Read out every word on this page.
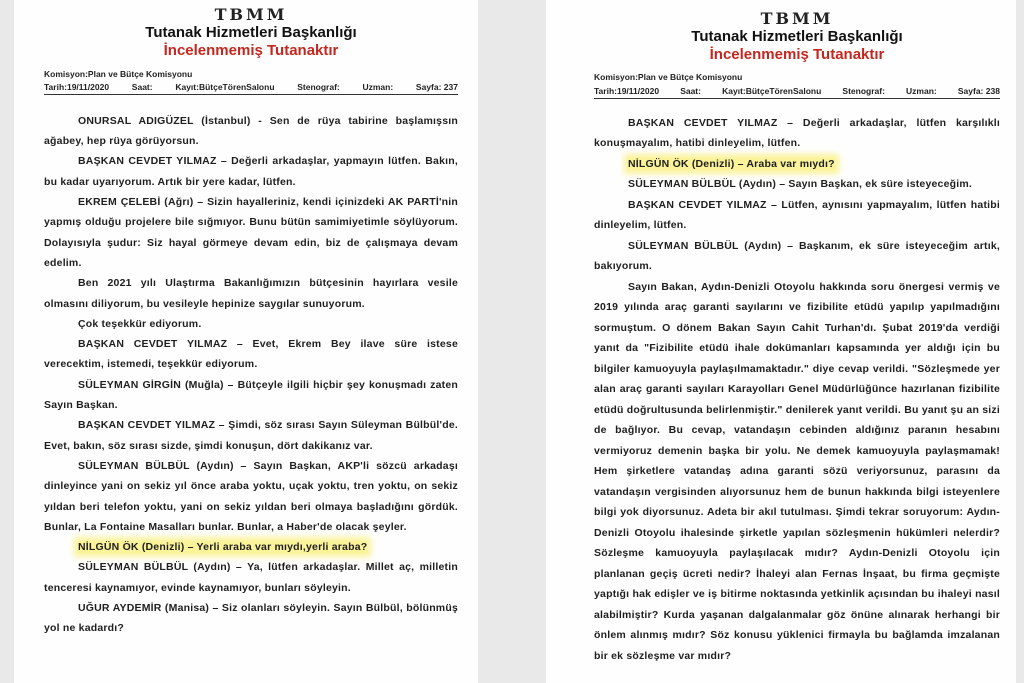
TBMM
Tutanak Hizmetleri Başkanlığı
İncelenmemiş Tutanaktır
Komisyon:Plan ve Bütçe Komisyonu
Tarih:19/11/2020	Saat:	Kayıt:BütçeTörenSalonu	Stenograf:	Uzman:	Sayfa: 237

ONURSAL ADIGÜZEL (İstanbul) - Sen de rüya tabirine başlamışsın ağabey, hep rüya görüyorsun.

BAŞKAN CEVDET YILMAZ – Değerli arkadaşlar, yapmayın lütfen. Bakın, bu kadar uyarıyorum. Artık bir yere kadar, lütfen.

EKREM ÇELEBİ (Ağrı) – Sizin hayalleriniz, kendi içinizdeki AK PARTİ'nin yapmış olduğu projelere bile sığmıyor. Bunu bütün samimiyetimle söylüyorum. Dolayısıyla şudur: Siz hayal görmeye devam edin, biz de çalışmaya devam edelim.

Ben 2021 yılı Ulaştırma Bakanlığımızın bütçesinin hayırlara vesile olmasını diliyorum, bu vesileyle hepinize saygılar sunuyorum.

Çok teşekkür ediyorum.

BAŞKAN CEVDET YILMAZ – Evet, Ekrem Bey ilave süre istese verecektim, istemedi, teşekkür ediyorum.

SÜLEYMAN GİRGİN (Muğla) – Bütçeyle ilgili hiçbir şey konuşmadı zaten Sayın Başkan.

BAŞKAN CEVDET YILMAZ – Şimdi, söz sırası Sayın Süleyman Bülbül'de. Evet, bakın, söz sırası sizde, şimdi konuşun, dört dakikanız var.

SÜLEYMAN BÜLBÜL (Aydın) – Sayın Başkan, AKP'li sözcü arkadaşı dinleyince yani on sekiz yıl önce araba yoktu, uçak yoktu, tren yoktu, on sekiz yıldan beri telefon yoktu, yani on sekiz yıldan beri olmaya başladığını gördük. Bunlar, La Fontaine Masalları bunlar. Bunlar, a Haber'de olacak şeyler.

NİLGÜN ÖK (Denizli) – Yerli araba var mıydı,yerli araba?

SÜLEYMAN BÜLBÜL (Aydın) – Ya, lütfen arkadaşlar. Millet aç, milletin tenceresi kaynamıyor, evinde kaynamıyor, bunları söyleyin.

UĞUR AYDEMİR (Manisa) – Siz olanları söyleyin. Sayın Bülbül, bölünmüş yol ne kadardı?

TBMM
Tutanak Hizmetleri Başkanlığı
İncelenmemiş Tutanaktır
Komisyon:Plan ve Bütçe Komisyonu
Tarih:19/11/2020 Saat: Kayıt:BütçeTörenSalonu Stenograf: Uzman: Sayfa: 238

BAŞKAN CEVDET YILMAZ – Değerli arkadaşlar, lütfen karşılıklı konuşmayalım, hatibi dinleyelim, lütfen.

NİLGÜN ÖK (Denizli) – Araba var mıydı?

SÜLEYMAN BÜLBÜL (Aydın) – Sayın Başkan, ek süre isteyeceğim.

BAŞKAN CEVDET YILMAZ – Lütfen, aynısını yapmayalım, lütfen hatibi dinleyelim, lütfen.

SÜLEYMAN BÜLBÜL (Aydın) – Başkanım, ek süre isteyeceğim artık, bakıyorum.

Sayın Bakan, Aydın-Denizli Otoyolu hakkında soru önergesi vermiş ve 2019 yılında araç garanti sayılarını ve fizibilite etüdü yapılıp yapılmadığını sormuştum. O dönem Bakan Sayın Cahit Turhan'dı. Şubat 2019'da verdiği yanıt da "Fizibilite etüdü ihale dokümanları kapsamında yer aldığı için bu bilgiler kamuoyuyla paylaşılmamaktadır." diye cevap verildi. "Sözleşmede yer alan araç garanti sayıları Karayolları Genel Müdürlüğünce hazırlanan fizibilite etüdü doğrultusunda belirlenmiştir." denilerek yanıt verildi. Bu yanıt şu an sizi de bağlıyor. Bu cevap, vatandaşın cebinden aldığınız paranın hesabını vermiyoruz demenin başka bir yolu. Ne demek kamuoyuyla paylaşmamak! Hem şirketlere vatandaş adına garanti sözü veriyorsunuz, parasını da vatandaşın vergisinden alıyorsunuz hem de bunun hakkında bilgi isteyenlere bilgi yok diyorsunuz. Adeta bir akıl tutulması. Şimdi tekrar soruyorum: Aydın-Denizli Otoyolu ihalesinde şirketle yapılan sözleşmenin hükümleri nelerdir? Sözleşme kamuoyuyla paylaşılacak mıdır? Aydın-Denizli Otoyolu için planlanan geçiş ücreti nedir? İhaleyi alan Fernas İnşaat, bu firma geçmişte yaptığı hak edişler ve iş bitirme noktasında yetkinlik açısından bu ihaleyi nasıl alabilmiştir? Kurda yaşanan dalgalanmalar göz önüne alınarak herhangi bir önlem alınmış mıdır? Söz konusu yüklenici firmayla bu bağlamda imzalanan bir ek sözleşme var mıdır?
